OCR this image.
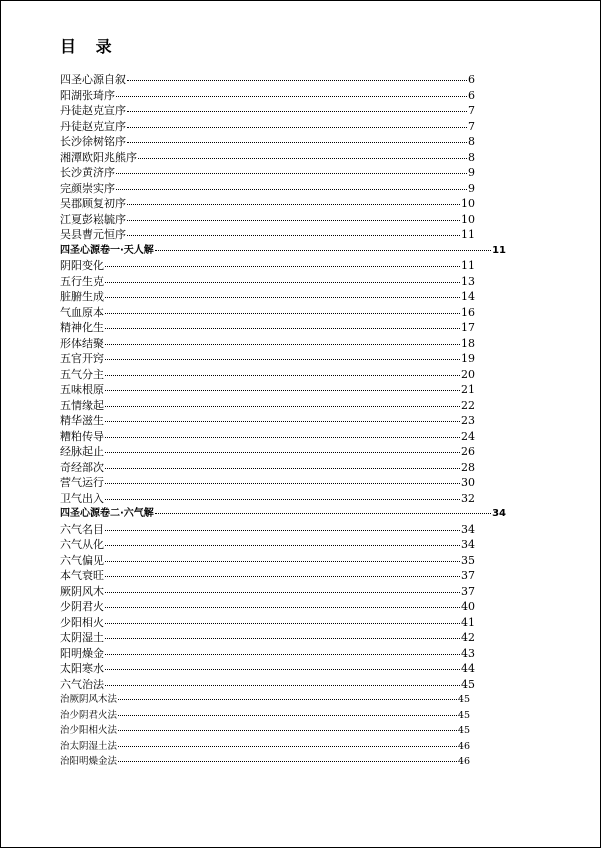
目 录
四圣心源自叙	6
阳湖张琦序	6
丹徒赵克宣序	7
丹徒赵克宣序	7
长沙徐树铭序	8
湘潭欧阳兆熊序	8
长沙黄济序	9
完颜崇实序	9
吴郡顾复初序	10
江夏彭崧毓序	10
吴县曹元恒序	11
四圣心源卷一·天人解	11
阴阳变化	11
五行生克	13
脏腑生成	14
气血原本	16
精神化生	17
形体结聚	18
五官开窍	19
五气分主	20
五味根原	21
五情缘起	22
精华滋生	23
糟粕传导	24
经脉起止	26
奇经部次	28
营气运行	30
卫气出入	32
四圣心源卷二·六气解	34
六气名目	34
六气从化	34
六气偏见	35
本气衰旺	37
厥阴风木	37
少阴君火	40
少阳相火	41
太阴湿土	42
阳明燥金	43
太阳寒水	44
六气治法	45
治厥阴风木法	45
治少阴君火法	45
治少阳相火法	45
治太阴湿土法	46
治阳明燥金法	46
